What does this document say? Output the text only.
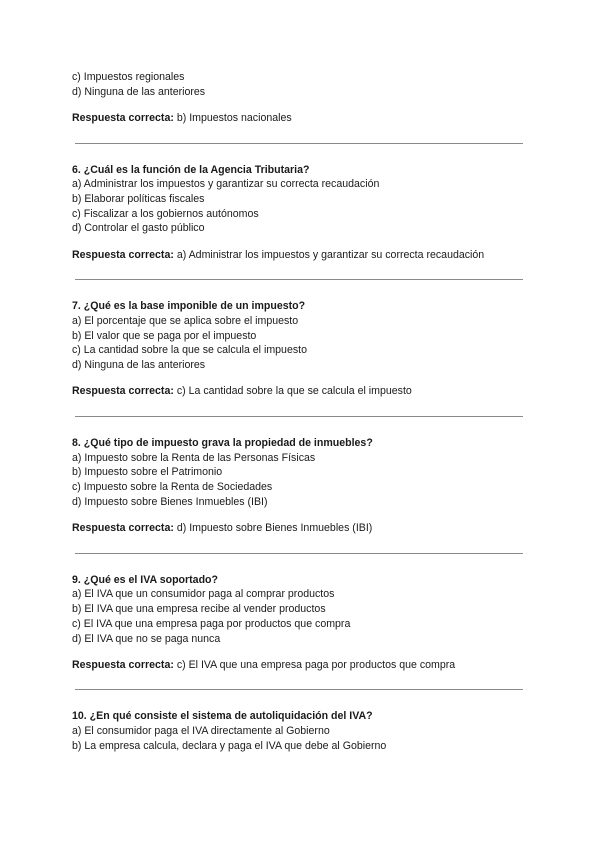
c) Impuestos regionales
d) Ninguna de las anteriores
Respuesta correcta: b) Impuestos nacionales
6. ¿Cuál es la función de la Agencia Tributaria?
a) Administrar los impuestos y garantizar su correcta recaudación
b) Elaborar políticas fiscales
c) Fiscalizar a los gobiernos autónomos
d) Controlar el gasto público
Respuesta correcta: a) Administrar los impuestos y garantizar su correcta recaudación
7. ¿Qué es la base imponible de un impuesto?
a) El porcentaje que se aplica sobre el impuesto
b) El valor que se paga por el impuesto
c) La cantidad sobre la que se calcula el impuesto
d) Ninguna de las anteriores
Respuesta correcta: c) La cantidad sobre la que se calcula el impuesto
8. ¿Qué tipo de impuesto grava la propiedad de inmuebles?
a) Impuesto sobre la Renta de las Personas Físicas
b) Impuesto sobre el Patrimonio
c) Impuesto sobre la Renta de Sociedades
d) Impuesto sobre Bienes Inmuebles (IBI)
Respuesta correcta: d) Impuesto sobre Bienes Inmuebles (IBI)
9. ¿Qué es el IVA soportado?
a) El IVA que un consumidor paga al comprar productos
b) El IVA que una empresa recibe al vender productos
c) El IVA que una empresa paga por productos que compra
d) El IVA que no se paga nunca
Respuesta correcta: c) El IVA que una empresa paga por productos que compra
10. ¿En qué consiste el sistema de autoliquidación del IVA?
a) El consumidor paga el IVA directamente al Gobierno
b) La empresa calcula, declara y paga el IVA que debe al Gobierno
